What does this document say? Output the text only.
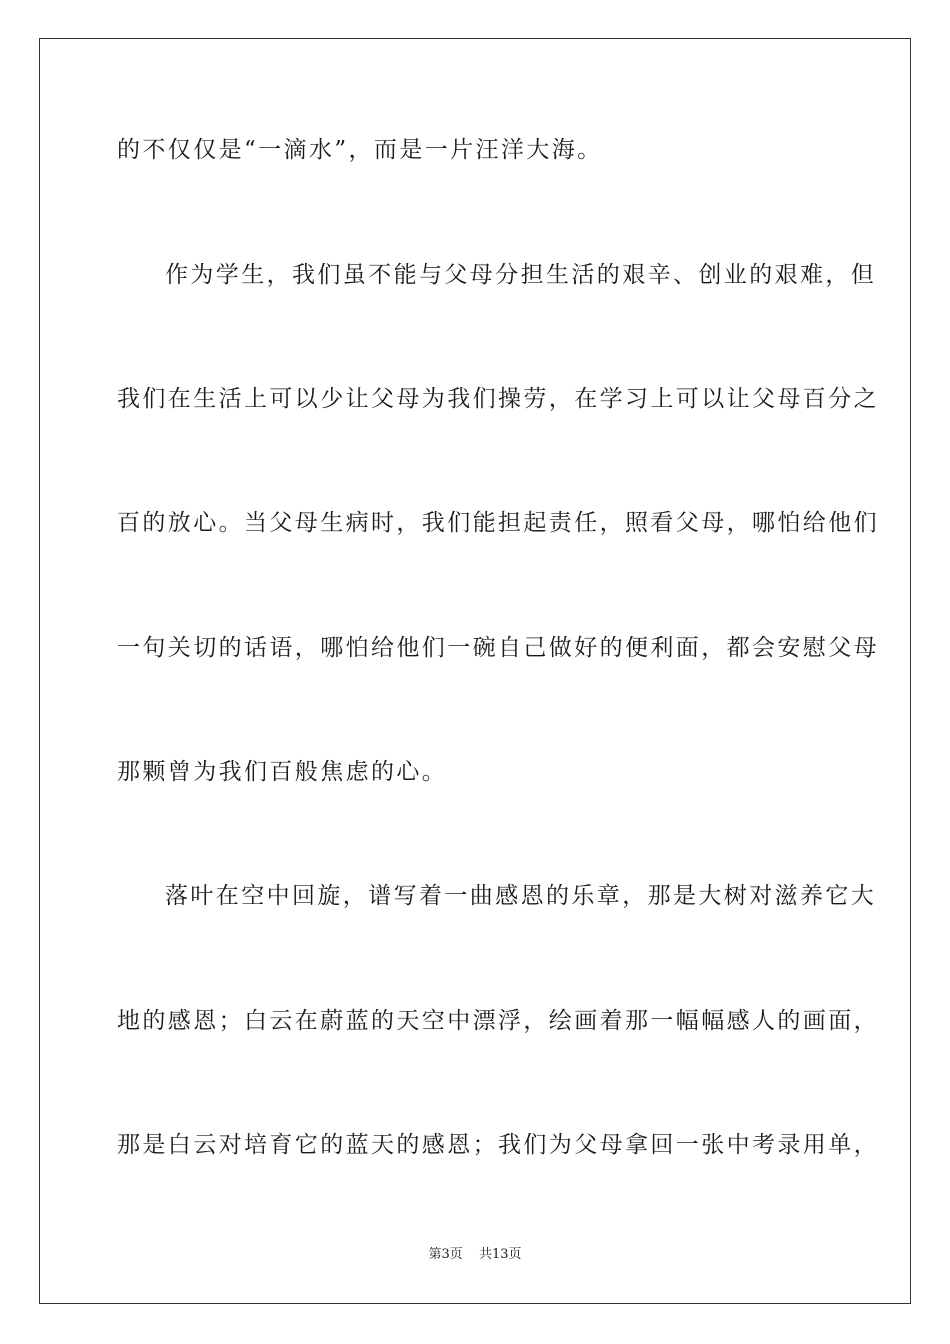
的不仅仅是“一滴水”，而是一片汪洋大海。
作为学生，我们虽不能与父母分担生活的艰辛、创业的艰难，但
我们在生活上可以少让父母为我们操劳，在学习上可以让父母百分之
百的放心。当父母生病时，我们能担起责任，照看父母，哪怕给他们
一句关切的话语，哪怕给他们一碗自己做好的便利面，都会安慰父母
那颗曾为我们百般焦虑的心。
落叶在空中回旋，谱写着一曲感恩的乐章，那是大树对滋养它大
地的感恩；白云在蔚蓝的天空中漂浮，绘画着那一幅幅感人的画面，
那是白云对培育它的蓝天的感恩；我们为父母拿回一张中考录用单，
第3页 共13页
